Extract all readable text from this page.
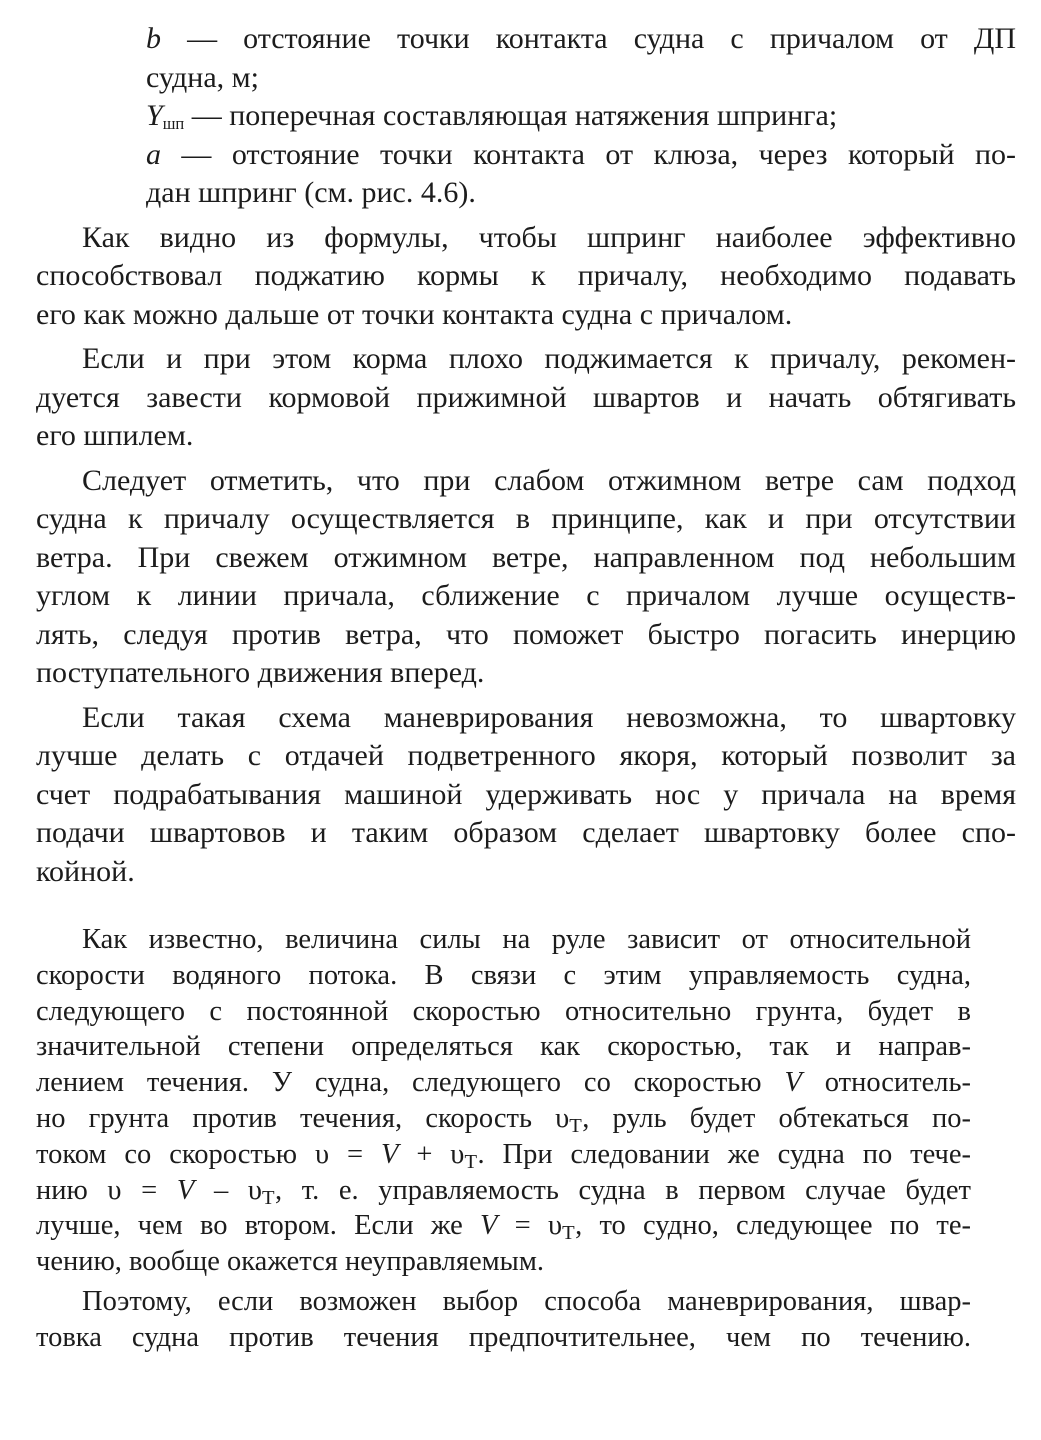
b — отстояние точки контакта судна с причалом от ДП
судна, м;
$Y_{шп}$ — поперечная составляющая натяжения шпринга;
a — отстояние точки контакта от клюза, через который по-
дан шпринг (см. рис. 4.6).
Как видно из формулы, чтобы шпринг наиболее эффективно
способствовал поджатию кормы к причалу, необходимо подавать
его как можно дальше от точки контакта судна с причалом.
Если и при этом корма плохо поджимается к причалу, рекомен-
дуется завести кормовой прижимной швартов и начать обтягивать
его шпилем.
Следует отметить, что при слабом отжимном ветре сам подход
судна к причалу осуществляется в принципе, как и при отсутствии
ветра. При свежем отжимном ветре, направленном под небольшим
углом к линии причала, сближение с причалом лучше осуществ-
лять, следуя против ветра, что поможет быстро погасить инерцию
поступательного движения вперед.
Если такая схема маневрирования невозможна, то швартовку
лучше делать с отдачей подветренного якоря, который позволит за
счет подрабатывания машиной удерживать нос у причала на время
подачи швартовов и таким образом сделает швартовку более спо-
койной.
Как известно, величина силы на руле зависит от относительной
скорости водяного потока. В связи с этим управляемость судна,
следующего с постоянной скоростью относительно грунта, будет в
значительной степени определяться как скоростью, так и направ-
лением течения. У судна, следующего со скоростью V относитель-
но грунта против течения, скорость $\upsilon_Т$, руль будет обтекаться по-
током со скоростью $\upsilon = V + \upsilon_Т$. При следовании же судна по тече-
нию $\upsilon = V - \upsilon_Т$, т. е. управляемость судна в первом случае будет
лучше, чем во втором. Если же $V = \upsilon_Т$, то судно, следующее по те-
чению, вообще окажется неуправляемым.
Поэтому, если возможен выбор способа маневрирования, швар-
товка судна против течения предпочтительнее, чем по течению.
